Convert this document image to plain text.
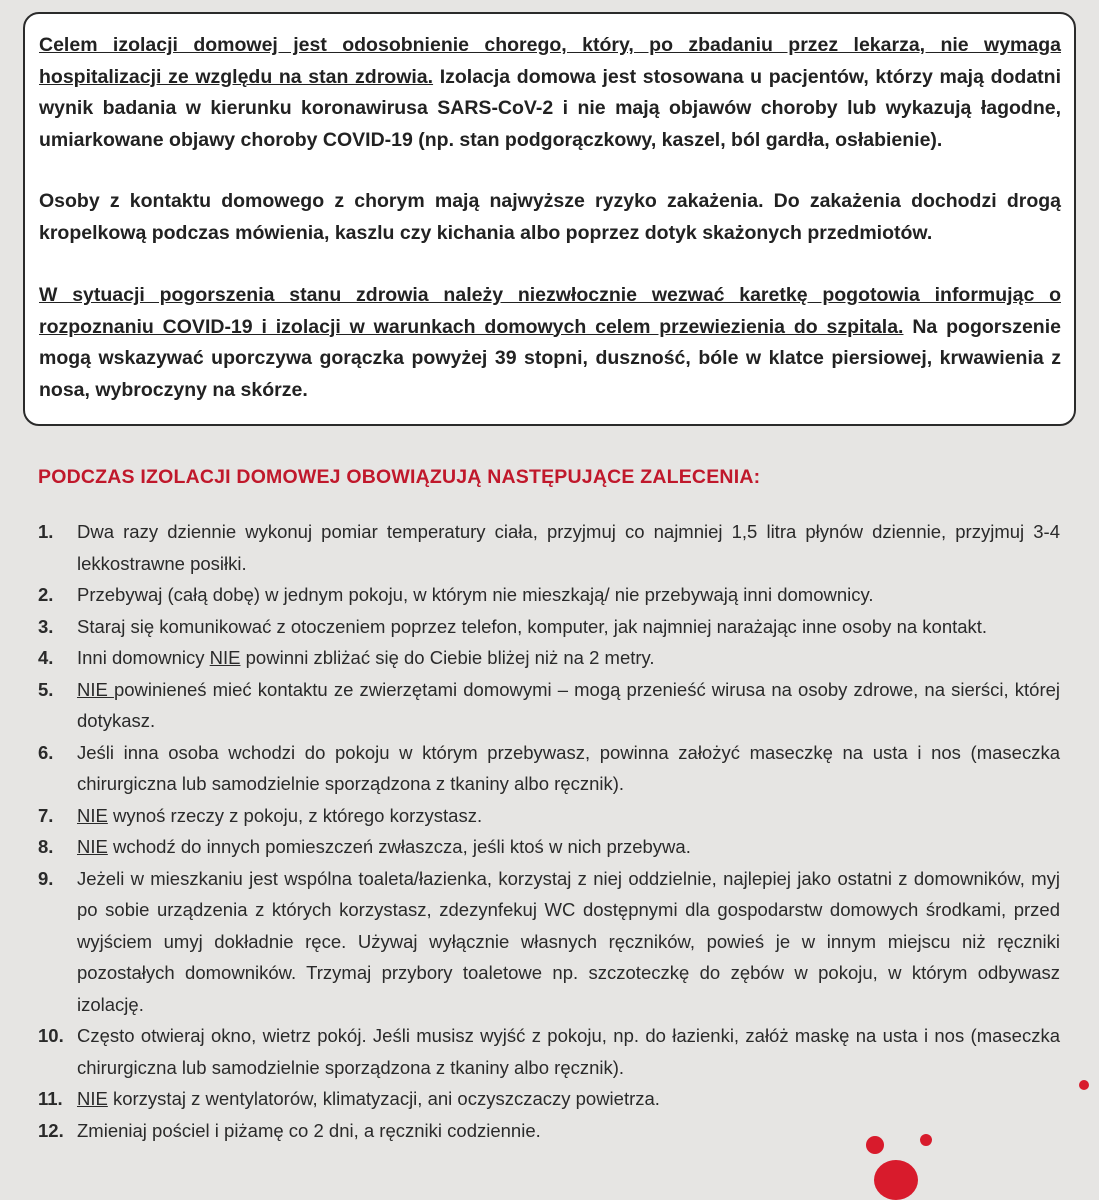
Celem izolacji domowej jest odosobnienie chorego, który, po zbadaniu przez lekarza, nie wymaga hospitalizacji ze względu na stan zdrowia. Izolacja domowa jest stosowana u pacjentów, którzy mają dodatni wynik badania w kierunku koronawirusa SARS-CoV-2 i nie mają objawów choroby lub wykazują łagodne, umiarkowane objawy choroby COVID-19 (np. stan podgorączkowy, kaszel, ból gardła, osłabienie).
Osoby z kontaktu domowego z chorym mają najwyższe ryzyko zakażenia. Do zakażenia dochodzi drogą kropelkową podczas mówienia, kaszlu czy kichania albo poprzez dotyk skażonych przedmiotów.
W sytuacji pogorszenia stanu zdrowia należy niezwłocznie wezwać karetkę pogotowia informując o rozpoznaniu COVID-19 i izolacji w warunkach domowych celem przewiezienia do szpitala. Na pogorszenie mogą wskazywać uporczywa gorączka powyżej 39 stopni, duszność, bóle w klatce piersiowej, krwawienia z nosa, wybroczyny na skórze.
PODCZAS IZOLACJI DOMOWEJ OBOWIĄZUJĄ NASTĘPUJĄCE ZALECENIA:
1. Dwa razy dziennie wykonuj pomiar temperatury ciała, przyjmuj co najmniej 1,5 litra płynów dziennie, przyjmuj 3-4 lekkostrawne posiłki.
2. Przebywaj (całą dobę) w jednym pokoju, w którym nie mieszkają/ nie przebywają inni domownicy.
3. Staraj się komunikować z otoczeniem poprzez telefon, komputer, jak najmniej narażając inne osoby na kontakt.
4. Inni domownicy NIE powinni zbliżać się do Ciebie bliżej niż na 2 metry.
5. NIE powinieneś mieć kontaktu ze zwierzętami domowymi – mogą przenieść wirusa na osoby zdrowe, na sierści, której dotykasz.
6. Jeśli inna osoba wchodzi do pokoju w którym przebywasz, powinna założyć maseczkę na usta i nos (maseczka chirurgiczna lub samodzielnie sporządzona z tkaniny albo ręcznik).
7. NIE wynoś rzeczy z pokoju, z którego korzystasz.
8. NIE wchodź do innych pomieszczeń zwłaszcza, jeśli ktoś w nich przebywa.
9. Jeżeli w mieszkaniu jest wspólna toaleta/łazienka, korzystaj z niej oddzielnie, najlepiej jako ostatni z domowników, myj po sobie urządzenia z których korzystasz, zdezynfekuj WC dostępnymi dla gospodarstw domowych środkami, przed wyjściem umyj dokładnie ręce. Używaj wyłącznie własnych ręczników, powieś je w innym miejscu niż ręczniki pozostałych domowników. Trzymaj przybory toaletowe np. szczoteczkę do zębów w pokoju, w którym odbywasz izolację.
10. Często otwieraj okno, wietrz pokój. Jeśli musisz wyjść z pokoju, np. do łazienki, załóż maskę na usta i nos (maseczka chirurgiczna lub samodzielnie sporządzona z tkaniny albo ręcznik).
11. NIE korzystaj z wentylatorów, klimatyzacji, ani oczyszczaczy powietrza.
12. Zmieniaj pościel i piżamę co 2 dni, a ręczniki codziennie.
